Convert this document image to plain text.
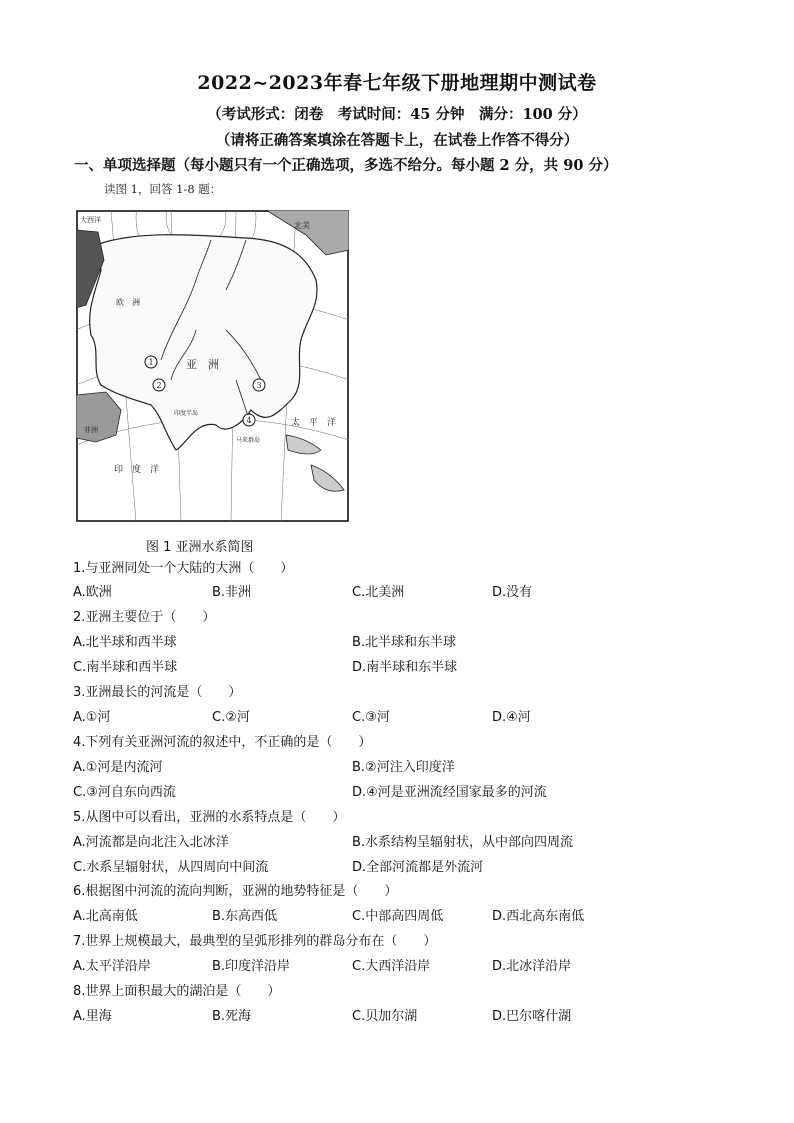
2022~2023年春七年级下册地理期中测试卷
（考试形式：闭卷　考试时间：45 分钟　满分：100 分）
（请将正确答案填涂在答题卡上，在试卷上作答不得分）
一、单项选择题（每小题只有一个正确选项，多选不给分。每小题 2 分，共 90 分）
读图 1，回答 1-8 题：
1
2	3
4
亚　洲
北美
欧　洲
非洲
印　度　洋
太　平　洋
大西洋
印度半岛
马来群岛
图 1 亚洲水系简图
1.与亚洲同处一个大陆的大洲（　　）
A.欧洲	B.非洲	C.北美洲	D.没有
2.亚洲主要位于（　　）
A.北半球和西半球	B.北半球和东半球
C.南半球和西半球	D.南半球和东半球
3.亚洲最长的河流是（　　）
A.①河	C.②河	C.③河	D.④河
4.下列有关亚洲河流的叙述中，不正确的是（　　）
A.①河是内流河	B.②河注入印度洋
C.③河自东向西流	D.④河是亚洲流经国家最多的河流
5.从图中可以看出，亚洲的水系特点是（　　）
A.河流都是向北注入北冰洋	B.水系结构呈辐射状，从中部向四周流
C.水系呈辐射状，从四周向中间流	D.全部河流都是外流河
6.根据图中河流的流向判断，亚洲的地势特征是（　　）
A.北高南低	B.东高西低	C.中部高四周低	D.西北高东南低
7.世界上规模最大，最典型的呈弧形排列的群岛分布在（　　）
A.太平洋沿岸	B.印度洋沿岸	C.大西洋沿岸	D.北冰洋沿岸
8.世界上面积最大的湖泊是（　　）
A.里海	B.死海	C.贝加尔湖	D.巴尔喀什湖
